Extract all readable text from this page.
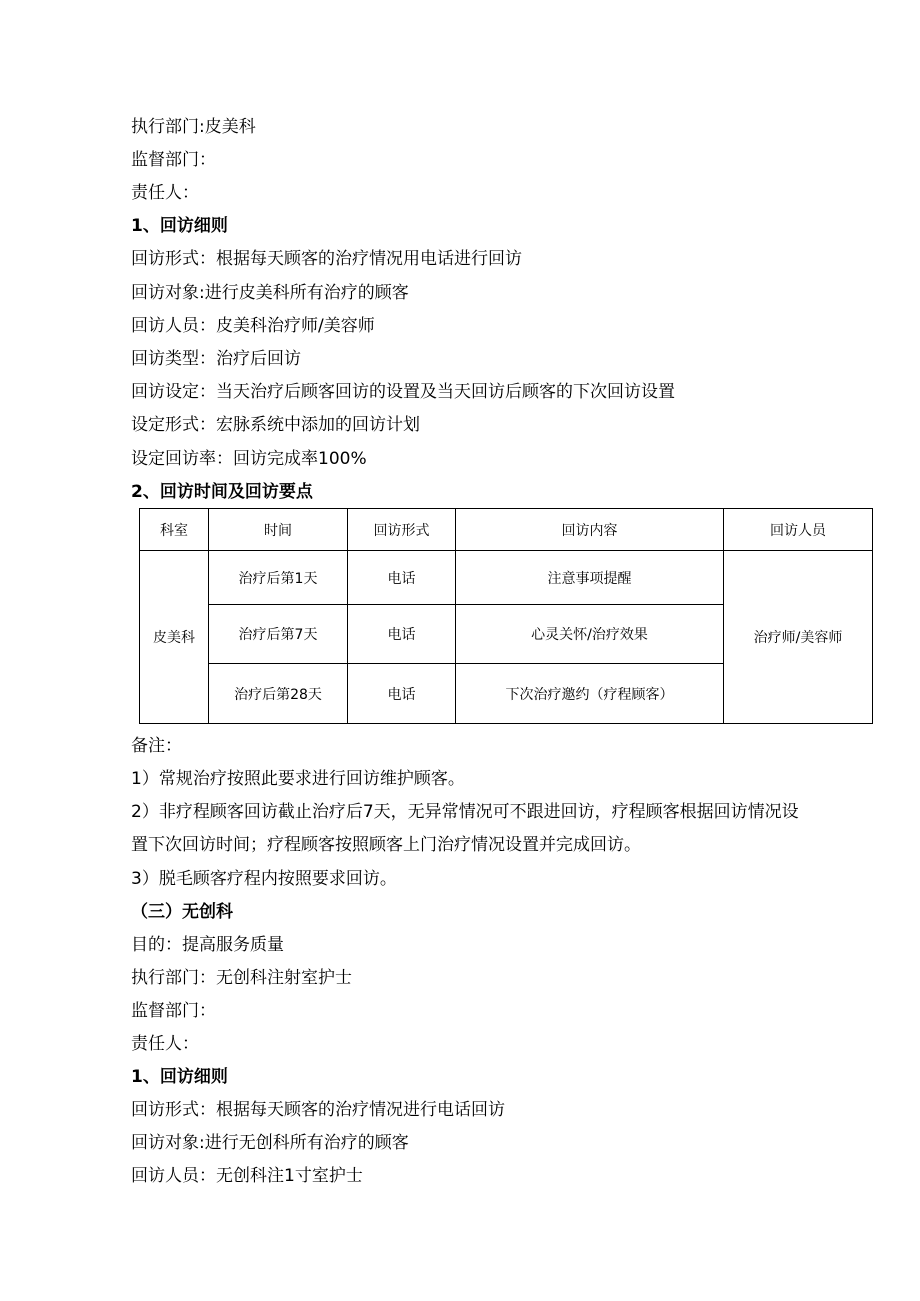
执行部门:皮美科
监督部门：
责任人：
1、回访细则
回访形式：根据每天顾客的治疗情况用电话进行回访
回访对象:进行皮美科所有治疗的顾客
回访人员：皮美科治疗师/美容师
回访类型：治疗后回访
回访设定：当天治疗后顾客回访的设置及当天回访后顾客的下次回访设置
设定形式：宏脉系统中添加的回访计划
设定回访率：回访完成率100%
2、回访时间及回访要点
科室	时间	回访形式	回访内容	回访人员
皮美科	治疗后第1天	电话	注意事项提醒	治疗师/美容师
	治疗后第7天	电话	心灵关怀/治疗效果	
	治疗后第28天	电话	下次治疗邀约（疗程顾客）	
备注：
1）常规治疗按照此要求进行回访维护顾客。
2）非疗程顾客回访截止治疗后7天，无异常情况可不跟进回访，疗程顾客根据回访情况设
置下次回访时间；疗程顾客按照顾客上门治疗情况设置并完成回访。
3）脱毛顾客疗程内按照要求回访。
（三）无创科
目的：提高服务质量
执行部门：无创科注射室护士
监督部门：
责任人：
1、回访细则
回访形式：根据每天顾客的治疗情况进行电话回访
回访对象:进行无创科所有治疗的顾客
回访人员：无创科注1寸室护士
